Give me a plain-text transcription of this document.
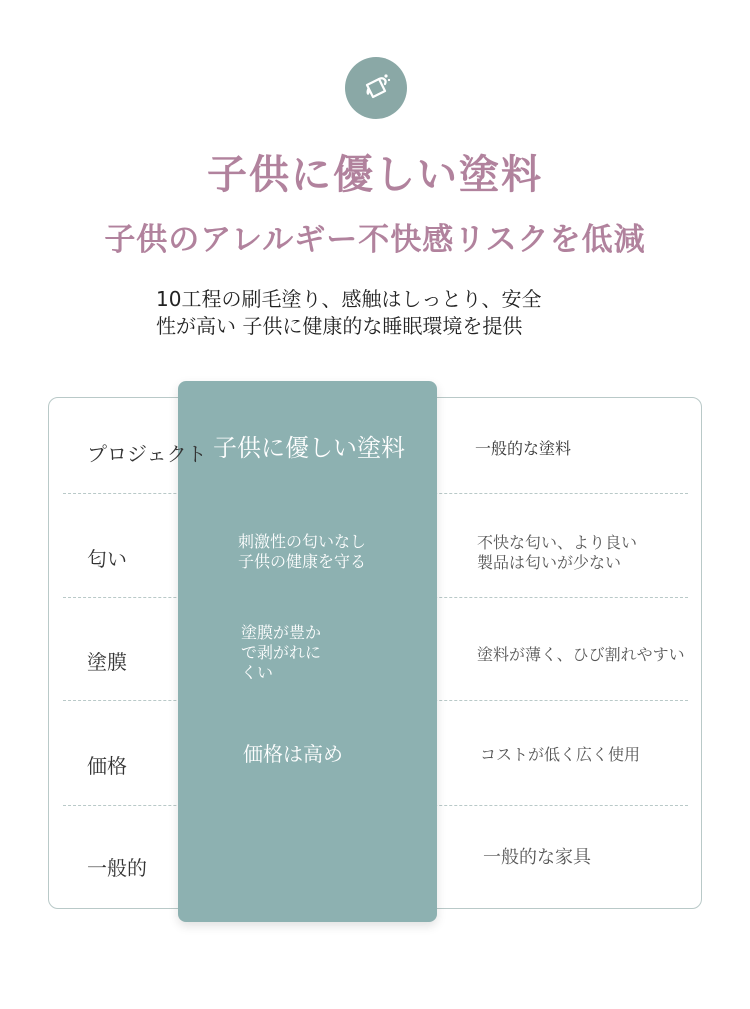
子供に優しい塗料
子供のアレルギー不快感リスクを低減
10工程の刷毛塗り、感触はしっとり、安全
性が高い 子供に健康的な睡眠環境を提供
プロジェクト
匂い
塗膜
価格
一般的
子供に優しい塗料
刺激性の匂いなし
子供の健康を守る
塗膜が豊か
で剥がれに
くい
価格は高め
一般的な塗料
不快な匂い、より良い
製品は匂いが少ない
塗料が薄く、ひび割れやすい
コストが低く広く使用
一般的な家具
